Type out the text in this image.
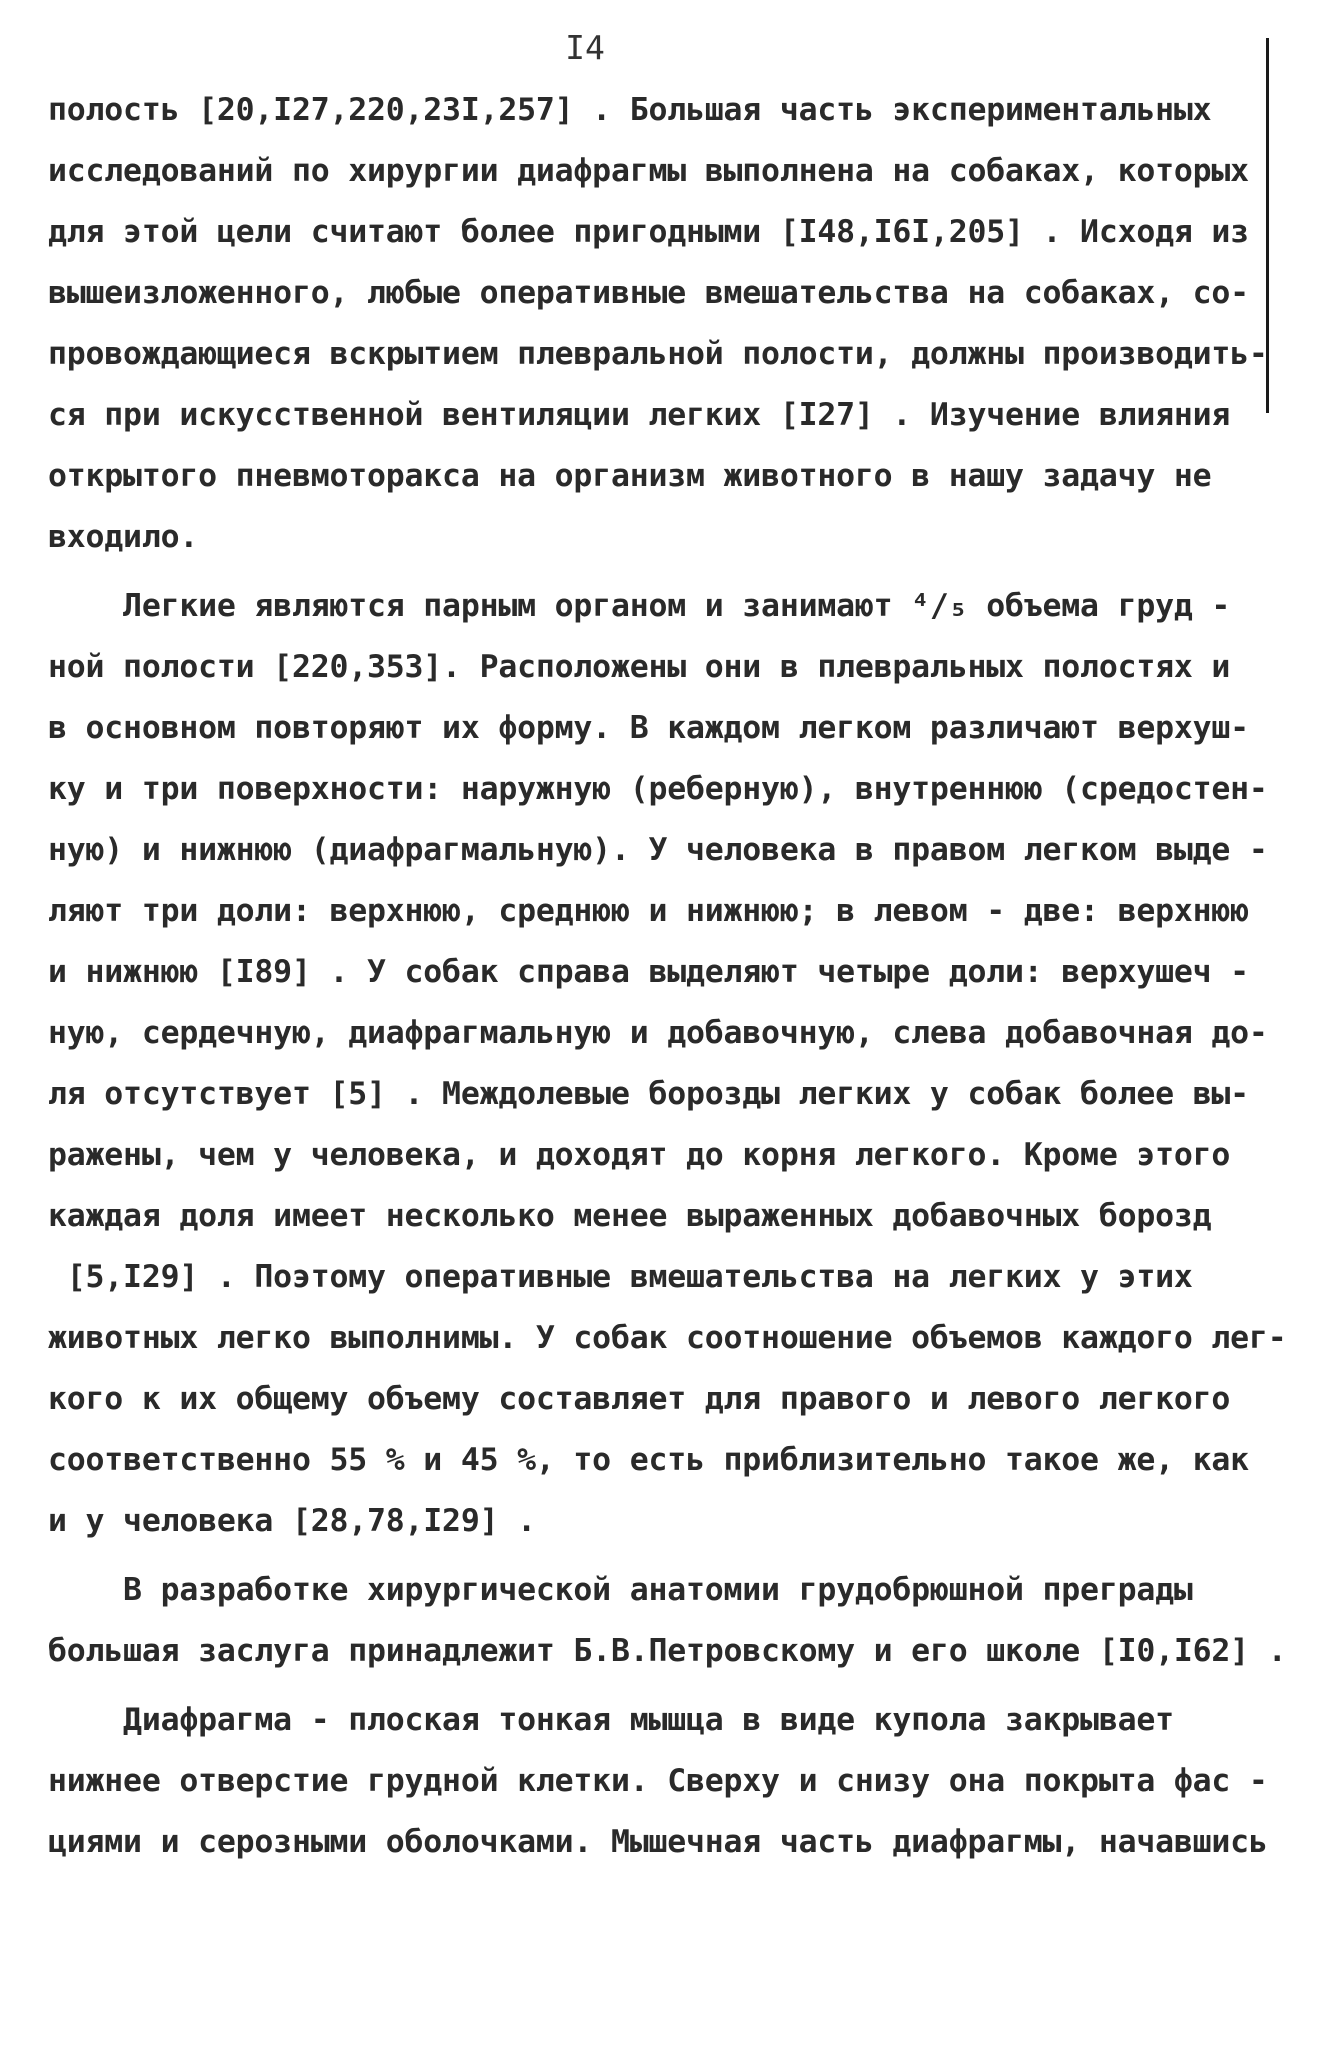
I4
полость [20,I27,220,23I,257] . Большая часть экспериментальных
исследований по хирургии диафрагмы выполнена на собаках, которых
для этой цели считают более пригодными [I48,I6I,205] . Исходя из
вышеизложенного, любые оперативные вмешательства на собаках, со-
провождающиеся вскрытием плевральной полости, должны производить-
ся при искусственной вентиляции легких [I27] . Изучение влияния
открытого пневмоторакса на организм животного в нашу задачу не
входило.
Легкие являются парным органом и занимают ⁴/₅ объема груд -
ной полости [220,353]. Расположены они в плевральных полостях и
в основном повторяют их форму. В каждом легком различают верхуш-
ку и три поверхности: наружную (реберную), внутреннюю (средостен-
ную) и нижнюю (диафрагмальную). У человека в правом легком выде -
ляют три доли: верхнюю, среднюю и нижнюю; в левом - две: верхнюю
и нижнюю [I89] . У собак справа выделяют четыре доли: верхушеч -
ную, сердечную, диафрагмальную и добавочную, слева добавочная до-
ля отсутствует [5] . Междолевые борозды легких у собак более вы-
ражены, чем у человека, и доходят до корня легкого. Кроме этого
каждая доля имеет несколько менее выраженных добавочных борозд
[5,I29] . Поэтому оперативные вмешательства на легких у этих
животных легко выполнимы. У собак соотношение объемов каждого лег-
кого к их общему объему составляет для правого и левого легкого
соответственно 55 % и 45 %, то есть приблизительно такое же, как
и у человека [28,78,I29] .
В разработке хирургической анатомии грудобрюшной преграды
большая заслуга принадлежит Б.В.Петровскому и его школе [I0,I62] .
Диафрагма - плоская тонкая мышца в виде купола закрывает
нижнее отверстие грудной клетки. Сверху и снизу она покрыта фас -
циями и серозными оболочками. Мышечная часть диафрагмы, начавшись
